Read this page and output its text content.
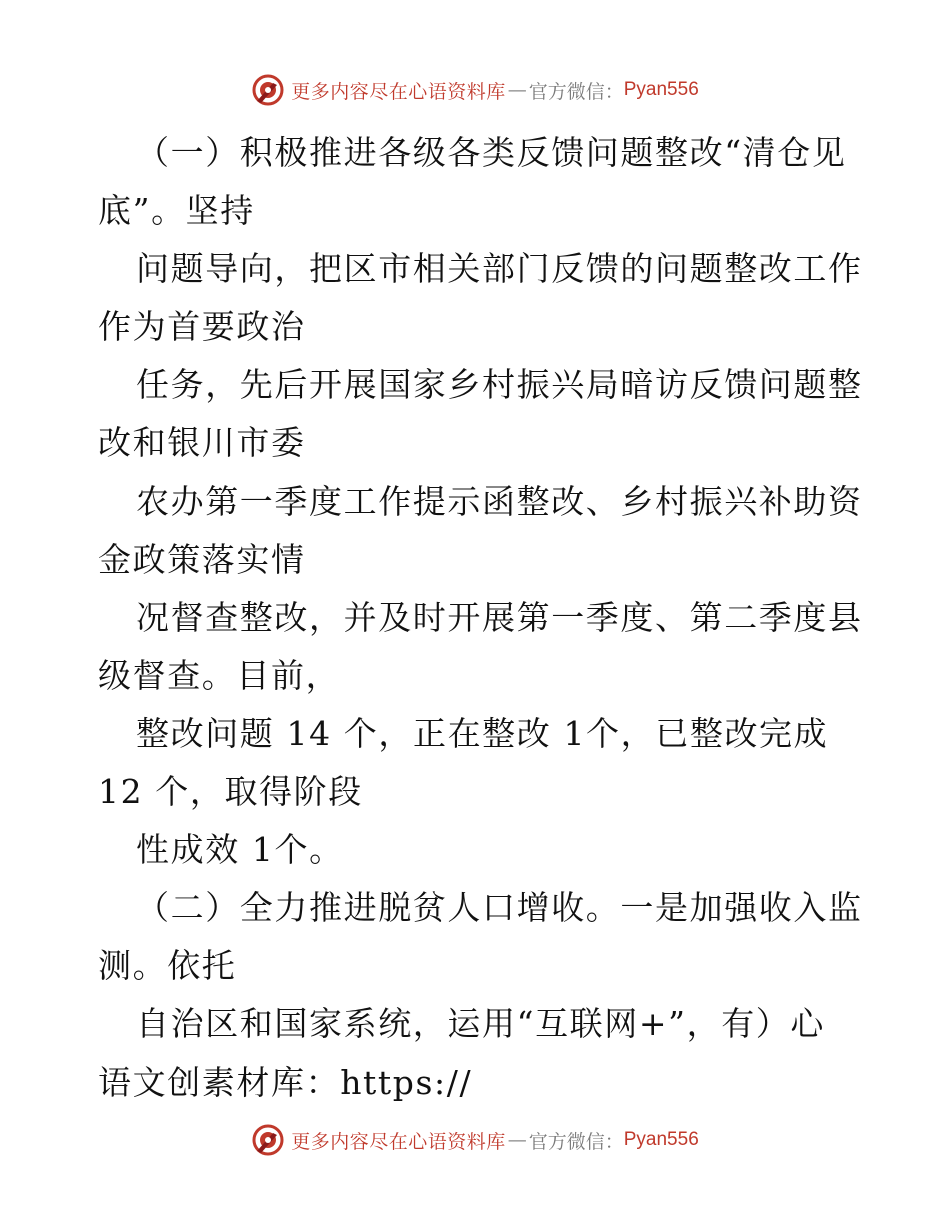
更多内容尽在心语资料库 — 官方微信： Pyan556
（一）积极推进各级各类反馈问题整改“清仓见
底”。坚持
问题导向，把区市相关部门反馈的问题整改工作
作为首要政治
任务，先后开展国家乡村振兴局暗访反馈问题整
改和银川市委
农办第一季度工作提示函整改、乡村振兴补助资
金政策落实情
况督查整改，并及时开展第一季度、第二季度县
级督查。目前，
整改问题 14 个，正在整改 1个，已整改完成
12 个，取得阶段
性成效 1个。
（二）全力推进脱贫人口增收。一是加强收入监
测。依托
自治区和国家系统，运用“互联网+”，有）心
语文创素材库：https://
更多内容尽在心语资料库 — 官方微信： Pyan556
